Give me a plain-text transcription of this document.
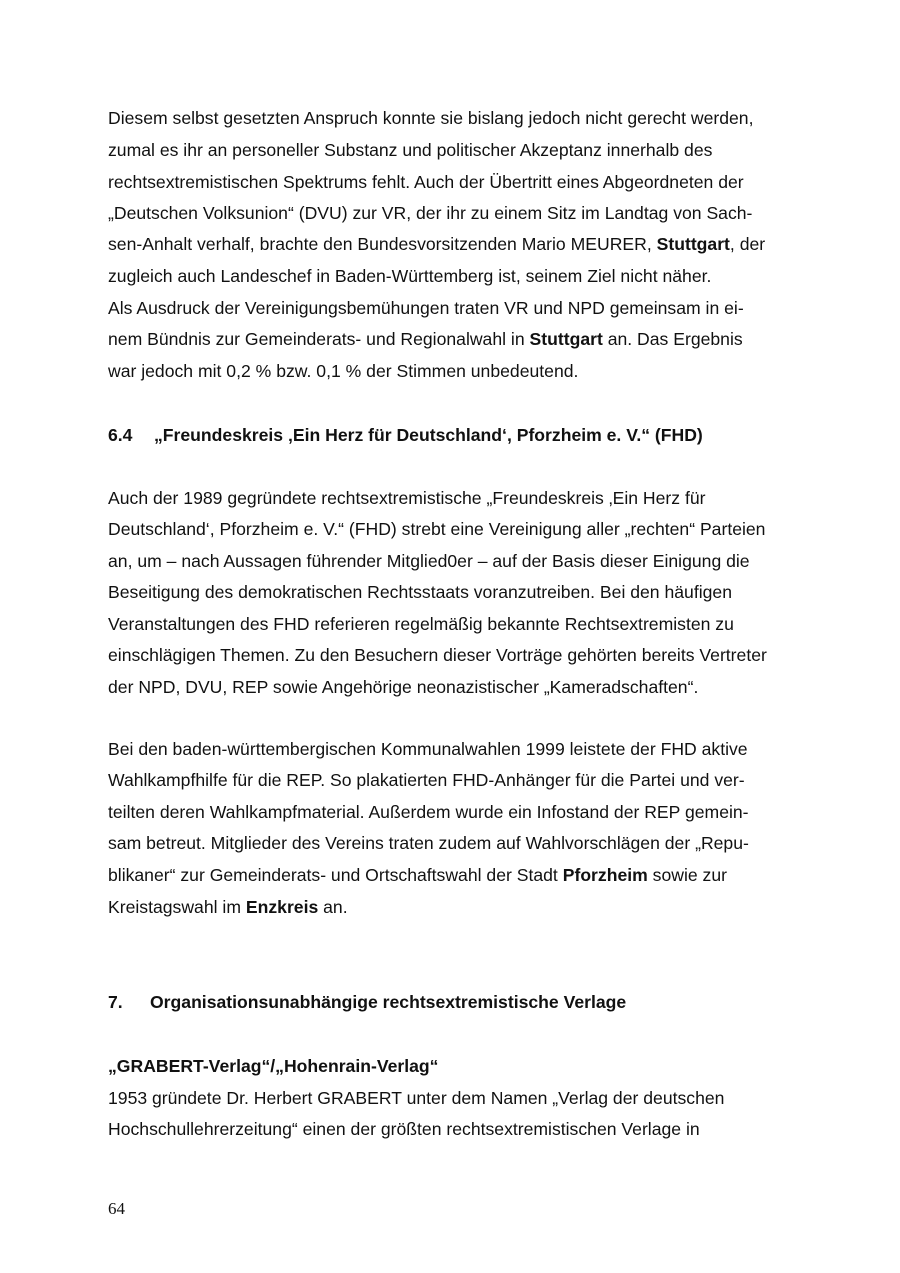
Diesem selbst gesetzten Anspruch konnte sie bislang jedoch nicht gerecht werden,
zumal es ihr an personeller Substanz und politischer Akzeptanz innerhalb des
rechtsextremistischen Spektrums fehlt. Auch der Übertritt eines Abgeordneten der
„Deutschen Volksunion“ (DVU) zur VR, der ihr zu einem Sitz im Landtag von Sach-
sen-Anhalt verhalf, brachte den Bundesvorsitzenden Mario MEURER, Stuttgart, der
zugleich auch Landeschef in Baden-Württemberg ist, seinem Ziel nicht näher.
Als Ausdruck der Vereinigungsbemühungen traten VR und NPD gemeinsam in ei-
nem Bündnis zur Gemeinderats- und Regionalwahl in Stuttgart an. Das Ergebnis
war jedoch mit 0,2 % bzw. 0,1 % der Stimmen unbedeutend.
6.4 „Freundeskreis ‚Ein Herz für Deutschland‘, Pforzheim e. V.“ (FHD)
Auch der 1989 gegründete rechtsextremistische „Freundeskreis ‚Ein Herz für
Deutschland‘, Pforzheim e. V.“ (FHD) strebt eine Vereinigung aller „rechten“ Parteien
an, um – nach Aussagen führender Mitglied0er – auf der Basis dieser Einigung die
Beseitigung des demokratischen Rechtsstaats voranzutreiben. Bei den häufigen
Veranstaltungen des FHD referieren regelmäßig bekannte Rechtsextremisten zu
einschlägigen Themen. Zu den Besuchern dieser Vorträge gehörten bereits Vertreter
der NPD, DVU, REP sowie Angehörige neonazistischer „Kameradschaften“.
Bei den baden-württembergischen Kommunalwahlen 1999 leistete der FHD aktive
Wahlkampfhilfe für die REP. So plakatierten FHD-Anhänger für die Partei und ver-
teilten deren Wahlkampfmaterial. Außerdem wurde ein Infostand der REP gemein-
sam betreut. Mitglieder des Vereins traten zudem auf Wahlvorschlägen der „Repu-
blikaner“ zur Gemeinderats- und Ortschaftswahl der Stadt Pforzheim sowie zur
Kreistagswahl im Enzkreis an.
7. Organisationsunabhängige rechtsextremistische Verlage
„GRABERT-Verlag“/„Hohenrain-Verlag“
1953 gründete Dr. Herbert GRABERT unter dem Namen „Verlag der deutschen
Hochschullehrerzeitung“ einen der größten rechtsextremistischen Verlage in
64
